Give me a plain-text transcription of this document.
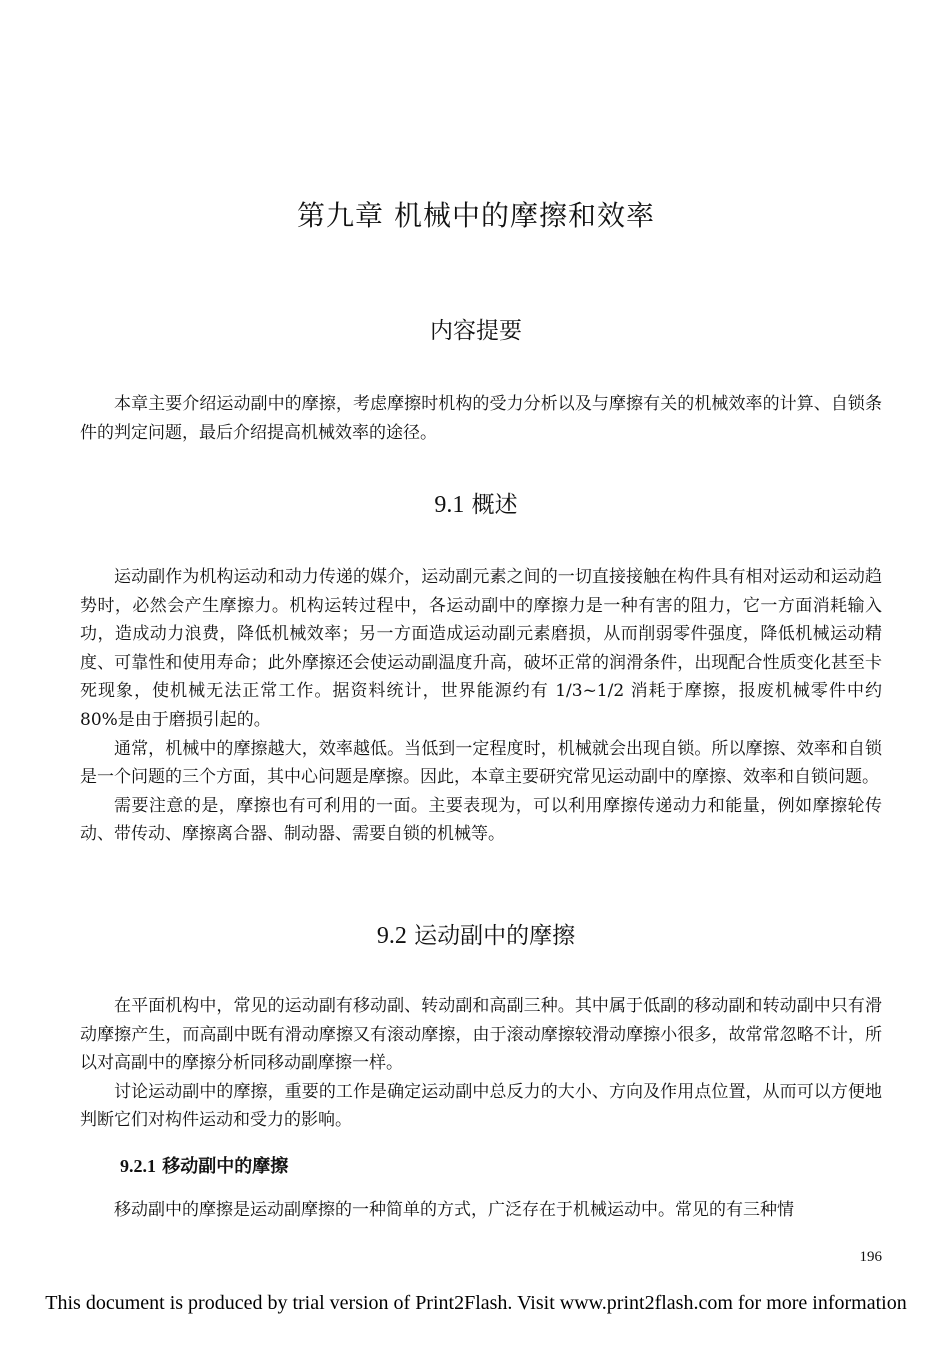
第九章 机械中的摩擦和效率
内容提要

本章主要介绍运动副中的摩擦，考虑摩擦时机构的受力分析以及与摩擦有关的机械效率的计算、自锁条件的判定问题，最后介绍提高机械效率的途径。

9.1 概述

运动副作为机构运动和动力传递的媒介，运动副元素之间的一切直接接触在构件具有相对运动和运动趋势时，必然会产生摩擦力。机构运转过程中，各运动副中的摩擦力是一种有害的阻力，它一方面消耗输入功，造成动力浪费，降低机械效率；另一方面造成运动副元素磨损，从而削弱零件强度，降低机械运动精度、可靠性和使用寿命；此外摩擦还会使运动副温度升高，破坏正常的润滑条件，出现配合性质变化甚至卡死现象，使机械无法正常工作。据资料统计，世界能源约有 1/3~1/2 消耗于摩擦，报废机械零件中约 80%是由于磨损引起的。

通常，机械中的摩擦越大，效率越低。当低到一定程度时，机械就会出现自锁。所以摩擦、效率和自锁是一个问题的三个方面，其中心问题是摩擦。因此，本章主要研究常见运动副中的摩擦、效率和自锁问题。

需要注意的是，摩擦也有可利用的一面。主要表现为，可以利用摩擦传递动力和能量，例如摩擦轮传动、带传动、摩擦离合器、制动器、需要自锁的机械等。

9.2 运动副中的摩擦

在平面机构中，常见的运动副有移动副、转动副和高副三种。其中属于低副的移动副和转动副中只有滑动摩擦产生，而高副中既有滑动摩擦又有滚动摩擦，由于滚动摩擦较滑动摩擦小很多，故常常忽略不计，所以对高副中的摩擦分析同移动副摩擦一样。

讨论运动副中的摩擦，重要的工作是确定运动副中总反力的大小、方向及作用点位置，从而可以方便地判断它们对构件运动和受力的影响。

9.2.1 移动副中的摩擦

移动副中的摩擦是运动副摩擦的一种简单的方式，广泛存在于机械运动中。常见的有三种情

196
This document is produced by trial version of Print2Flash. Visit www.print2flash.com for more information
